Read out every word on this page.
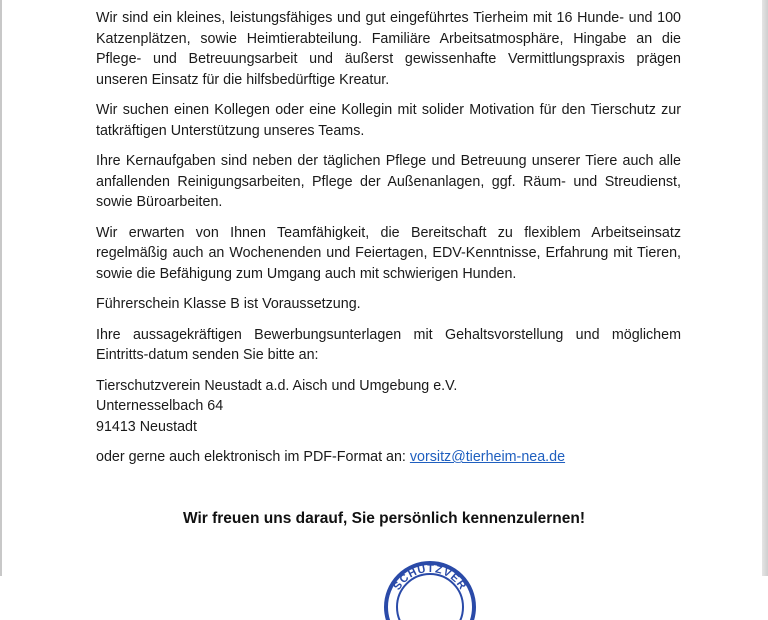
Wir sind ein kleines, leistungsfähiges und gut eingeführtes Tierheim mit 16 Hunde- und 100 Katzenplätzen, sowie Heimtierabteilung. Familiäre Arbeitsatmosphäre, Hingabe an die Pflege- und Betreuungsarbeit und äußerst gewissenhafte Vermittlungspraxis prägen unseren Einsatz für die hilfsbedürftige Kreatur.

Wir suchen einen Kollegen oder eine Kollegin mit solider Motivation für den Tierschutz zur tatkräftigen Unterstützung unseres Teams.

Ihre Kernaufgaben sind neben der täglichen Pflege und Betreuung unserer Tiere auch alle anfallenden Reinigungsarbeiten, Pflege der Außenanlagen, ggf. Räum- und Streudienst, sowie Büroarbeiten.

Wir erwarten von Ihnen Teamfähigkeit, die Bereitschaft zu flexiblem Arbeitseinsatz regelmäßig auch an Wochenenden und Feiertagen, EDV-Kenntnisse, Erfahrung mit Tieren, sowie die Befähigung zum Umgang auch mit schwierigen Hunden.

Führerschein Klasse B ist Voraussetzung.

Ihre aussagekräftigen Bewerbungsunterlagen mit Gehaltsvorstellung und möglichem Eintritts-datum senden Sie bitte an:

Tierschutzverein Neustadt a.d. Aisch und Umgebung e.V.
Unternesselbach 64
91413 Neustadt

oder gerne auch elektronisch im PDF-Format an: vorsitz@tierheim-nea.de

Wir freuen uns darauf, Sie persönlich kennenzulernen!
SCHUTZVER
